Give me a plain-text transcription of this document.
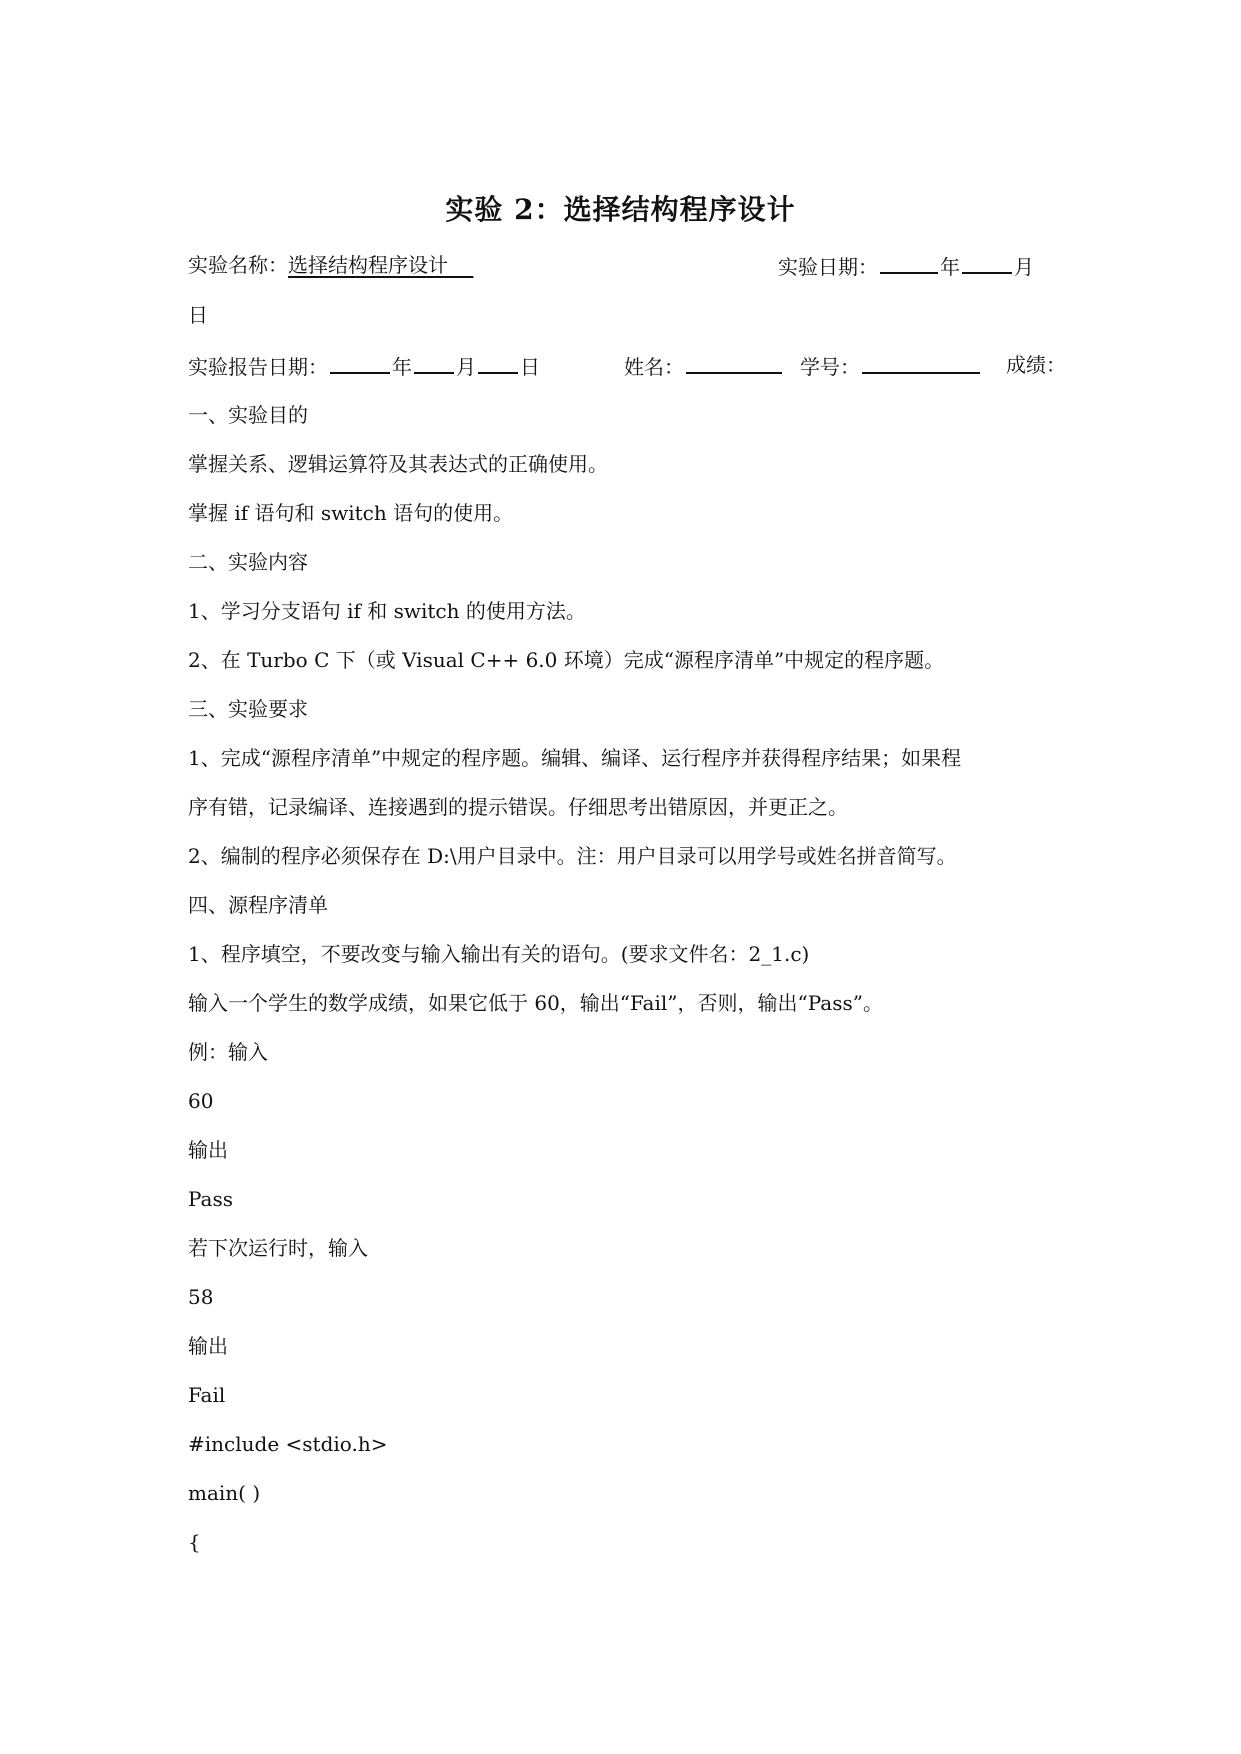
实验 2：选择结构程序设计
实验名称：选择结构程序设计	实验日期：	年	月
日
实验报告日期：	年 月 日	姓名：	学号：	成绩：
一、实验目的
掌握关系、逻辑运算符及其表达式的正确使用。
掌握 if 语句和 switch 语句的使用。
二、实验内容
1、学习分支语句 if 和 switch 的使用方法。
2、在 Turbo C 下（或 Visual C++ 6.0 环境）完成“源程序清单”中规定的程序题。
三、实验要求
1、完成“源程序清单”中规定的程序题。编辑、编译、运行程序并获得程序结果；如果程
序有错，记录编译、连接遇到的提示错误。仔细思考出错原因，并更正之。
2、编制的程序必须保存在 D:\用户目录中。注：用户目录可以用学号或姓名拼音简写。
四、源程序清单
1、程序填空，不要改变与输入输出有关的语句。(要求文件名：2_1.c)
输入一个学生的数学成绩，如果它低于 60，输出“Fail”，否则，输出“Pass”。
例：输入
60
输出
Pass
若下次运行时，输入
58
输出
Fail
#include <stdio.h>
main( )
{
